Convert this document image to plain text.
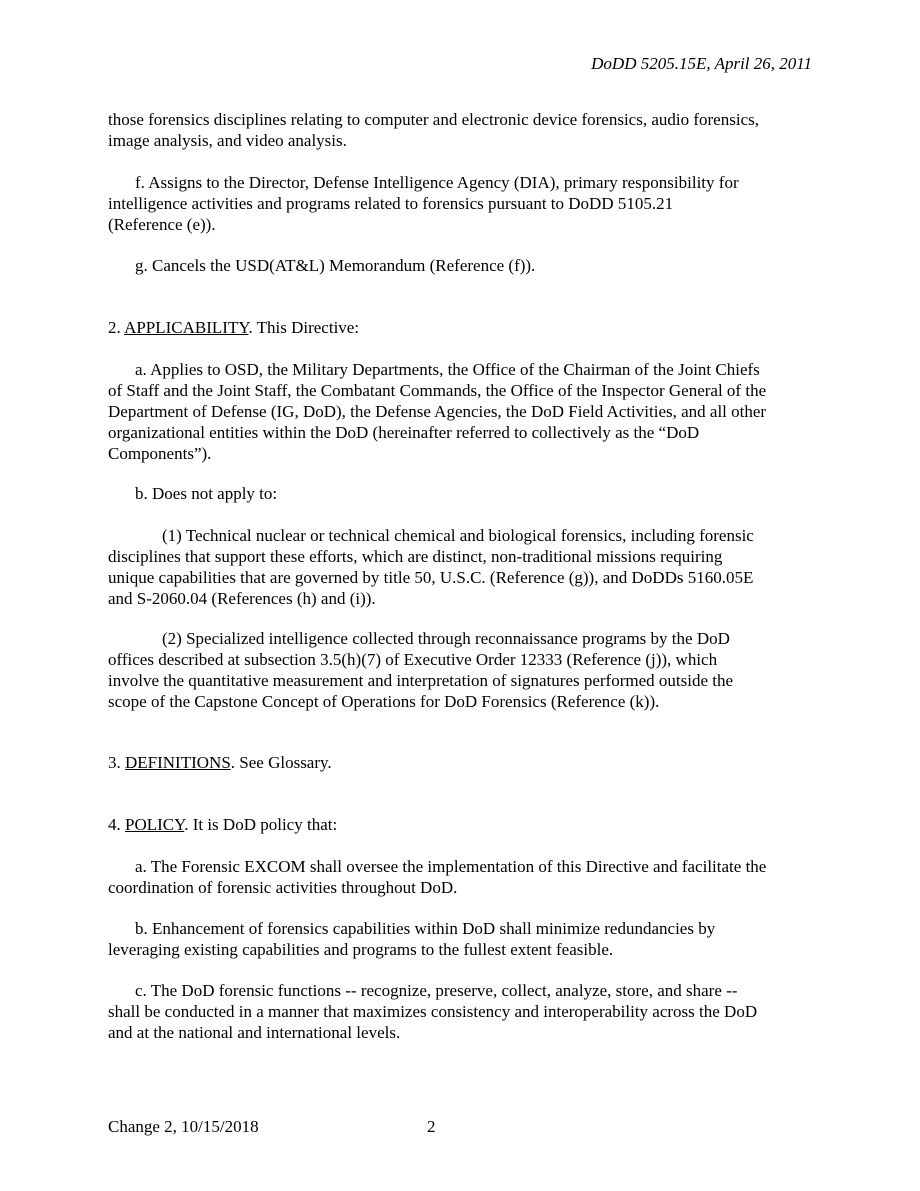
DoDD 5205.15E, April 26, 2011

those forensics disciplines relating to computer and electronic device forensics, audio forensics,
image analysis, and video analysis.

f. Assigns to the Director, Defense Intelligence Agency (DIA), primary responsibility for
intelligence activities and programs related to forensics pursuant to DoDD 5105.21
(Reference (e)).

g. Cancels the USD(AT&L) Memorandum (Reference (f)).

2. APPLICABILITY. This Directive:

a. Applies to OSD, the Military Departments, the Office of the Chairman of the Joint Chiefs
of Staff and the Joint Staff, the Combatant Commands, the Office of the Inspector General of the
Department of Defense (IG, DoD), the Defense Agencies, the DoD Field Activities, and all other
organizational entities within the DoD (hereinafter referred to collectively as the “DoD
Components”).

b. Does not apply to:

(1) Technical nuclear or technical chemical and biological forensics, including forensic
disciplines that support these efforts, which are distinct, non-traditional missions requiring
unique capabilities that are governed by title 50, U.S.C. (Reference (g)), and DoDDs 5160.05E
and S-2060.04 (References (h) and (i)).

(2) Specialized intelligence collected through reconnaissance programs by the DoD
offices described at subsection 3.5(h)(7) of Executive Order 12333 (Reference (j)), which
involve the quantitative measurement and interpretation of signatures performed outside the
scope of the Capstone Concept of Operations for DoD Forensics (Reference (k)).

3. DEFINITIONS. See Glossary.

4. POLICY. It is DoD policy that:

a. The Forensic EXCOM shall oversee the implementation of this Directive and facilitate the
coordination of forensic activities throughout DoD.

b. Enhancement of forensics capabilities within DoD shall minimize redundancies by
leveraging existing capabilities and programs to the fullest extent feasible.

c. The DoD forensic functions -- recognize, preserve, collect, analyze, store, and share --
shall be conducted in a manner that maximizes consistency and interoperability across the DoD
and at the national and international levels.

Change 2, 10/15/2018	2
